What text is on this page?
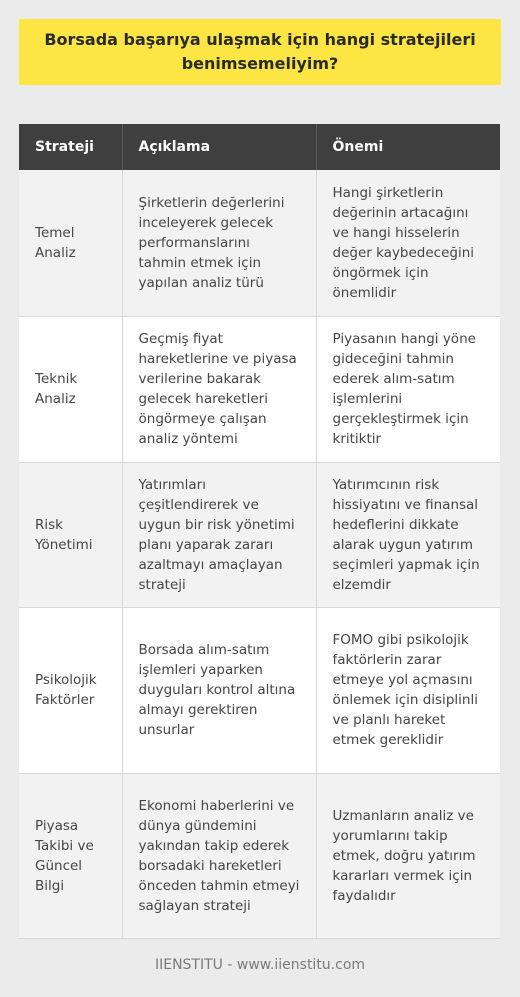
Borsada başarıya ulaşmak için hangi stratejileri benimsemeliyim?
Strateji	Açıklama	Önemi
Temel Analiz	Şirketlerin değerlerini inceleyerek gelecek performanslarını tahmin etmek için yapılan analiz türü	Hangi şirketlerin değerinin artacağını ve hangi hisselerin değer kaybedeceğini öngörmek için önemlidir
Teknik Analiz	Geçmiş fiyat hareketlerine ve piyasa verilerine bakarak gelecek hareketleri öngörmeye çalışan analiz yöntemi	Piyasanın hangi yöne gideceğini tahmin ederek alım-satım işlemlerini gerçekleştirmek için kritiktir
Risk Yönetimi	Yatırımları çeşitlendirerek ve uygun bir risk yönetimi planı yaparak zararı azaltmayı amaçlayan strateji	Yatırımcının risk hissiyatını ve finansal hedeflerini dikkate alarak uygun yatırım seçimleri yapmak için elzemdir
Psikolojik Faktörler	Borsada alım-satım işlemleri yaparken duyguları kontrol altına almayı gerektiren unsurlar	FOMO gibi psikolojik faktörlerin zarar etmeye yol açmasını önlemek için disiplinli ve planlı hareket etmek gereklidir
Piyasa Takibi ve Güncel Bilgi	Ekonomi haberlerini ve dünya gündemini yakından takip ederek borsadaki hareketleri önceden tahmin etmeyi sağlayan strateji	Uzmanların analiz ve yorumlarını takip etmek, doğru yatırım kararları vermek için faydalıdır
IIENSTITU - www.iienstitu.com
